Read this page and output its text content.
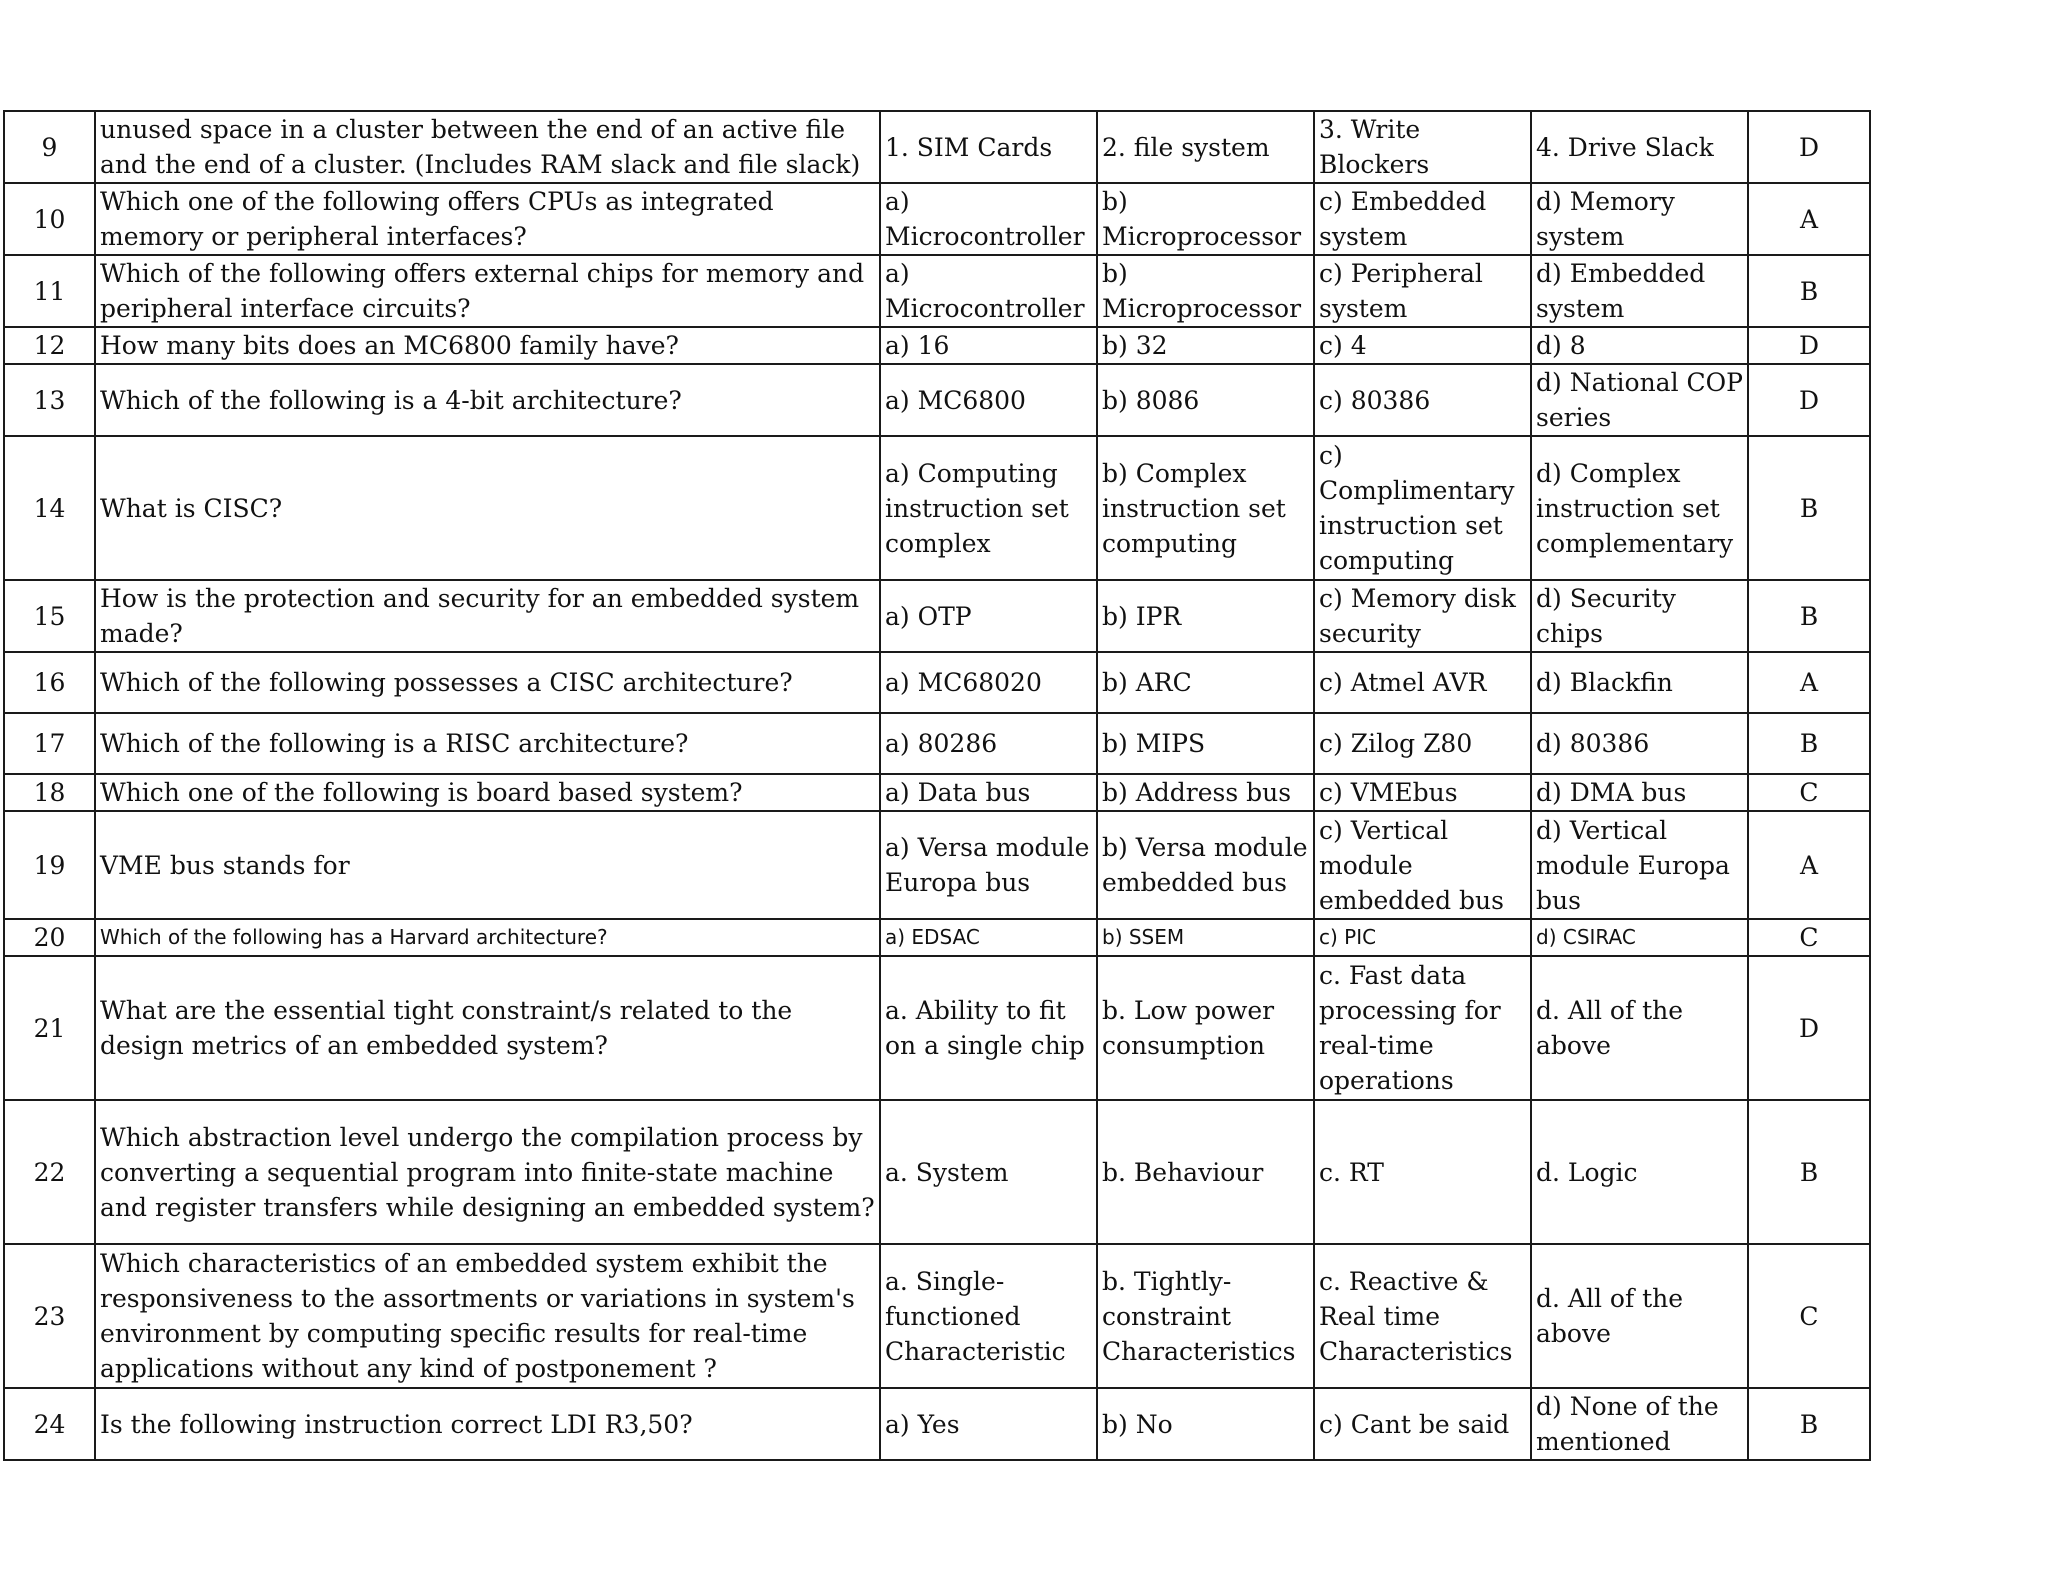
9	unused space in a cluster between the end of an active file and the end of a cluster. (Includes RAM slack and file slack)	1. SIM Cards	2. file system	3. Write Blockers	4. Drive Slack	D
10	Which one of the following offers CPUs as integrated memory or peripheral interfaces?	a) Microcontroller	b) Microprocessor	c) Embedded system	d) Memory system	A
11	Which of the following offers external chips for memory and peripheral interface circuits?	a) Microcontroller	b) Microprocessor	c) Peripheral system	d) Embedded system	B
12	How many bits does an MC6800 family have?	a) 16	b) 32	c) 4	d) 8	D
13	Which of the following is a 4-bit architecture?	a) MC6800	b) 8086	c) 80386	d) National COP series	D
14	What is CISC?	a) Computing instruction set complex	b) Complex instruction set computing	c) Complimentary instruction set computing	d) Complex instruction set complementary	B
15	How is the protection and security for an embedded system made?	a) OTP	b) IPR	c) Memory disk security	d) Security chips	B
16	Which of the following possesses a CISC architecture?	a) MC68020	b) ARC	c) Atmel AVR	d) Blackfin	A
17	Which of the following is a RISC architecture?	a) 80286	b) MIPS	c) Zilog Z80	d) 80386	B
18	Which one of the following is board based system?	a) Data bus	b) Address bus	c) VMEbus	d) DMA bus	C
19	VME bus stands for	a) Versa module Europa bus	b) Versa module embedded bus	c) Vertical module embedded bus	d) Vertical module Europa bus	A
20	Which of the following has a Harvard architecture?	a) EDSAC	b) SSEM	c) PIC	d) CSIRAC	C
21	What are the essential tight constraint/s related to the design metrics of an embedded system?	a. Ability to fit on a single chip	b. Low power consumption	c. Fast data processing for real-time operations	d. All of the above	D
22	Which abstraction level undergo the compilation process by converting a sequential program into finite-state machine and register transfers while designing an embedded system?	a. System	b. Behaviour	c. RT	d. Logic	B
23	Which characteristics of an embedded system exhibit the responsiveness to the assortments or variations in system's environment by computing specific results for real-time applications without any kind of postponement ?	a. Single-functioned Characteristic	b. Tightly-constraint Characteristics	c. Reactive & Real time Characteristics	d. All of the above	C
24	Is the following instruction correct LDI R3,50?	a) Yes	b) No	c) Cant be said	d) None of the mentioned	B
